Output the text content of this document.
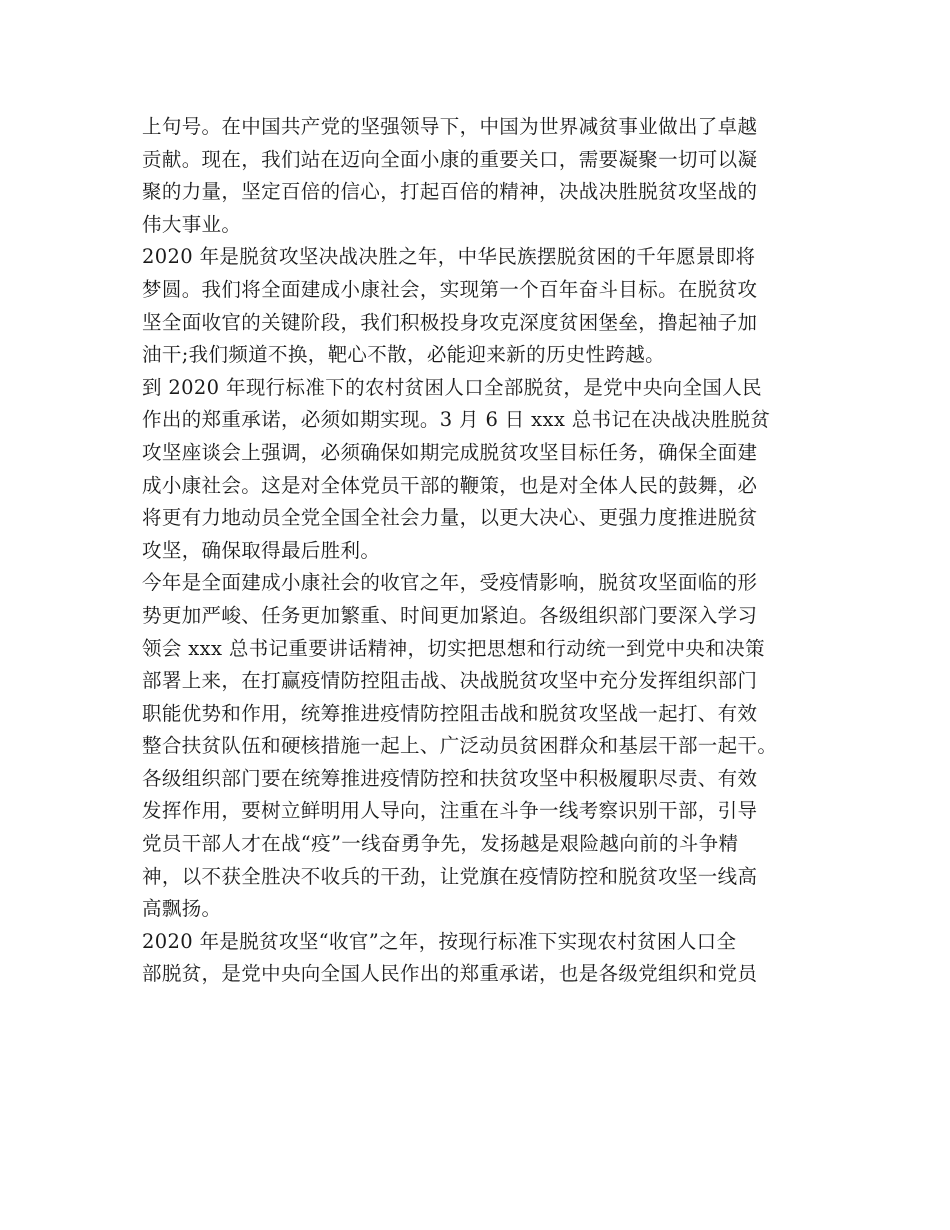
上句号。在中国共产党的坚强领导下，中国为世界减贫事业做出了卓越
贡献。现在，我们站在迈向全面小康的重要关口，需要凝聚一切可以凝
聚的力量，坚定百倍的信心，打起百倍的精神，决战决胜脱贫攻坚战的
伟大事业。
2020 年是脱贫攻坚决战决胜之年，中华民族摆脱贫困的千年愿景即将
梦圆。我们将全面建成小康社会，实现第一个百年奋斗目标。在脱贫攻
坚全面收官的关键阶段，我们积极投身攻克深度贫困堡垒，撸起袖子加
油干;我们频道不换，靶心不散，必能迎来新的历史性跨越。
到 2020 年现行标准下的农村贫困人口全部脱贫，是党中央向全国人民
作出的郑重承诺，必须如期实现。3 月 6 日 xxx 总书记在决战决胜脱贫
攻坚座谈会上强调，必须确保如期完成脱贫攻坚目标任务，确保全面建
成小康社会。这是对全体党员干部的鞭策，也是对全体人民的鼓舞，必
将更有力地动员全党全国全社会力量，以更大决心、更强力度推进脱贫
攻坚，确保取得最后胜利。
今年是全面建成小康社会的收官之年，受疫情影响，脱贫攻坚面临的形
势更加严峻、任务更加繁重、时间更加紧迫。各级组织部门要深入学习
领会 xxx 总书记重要讲话精神，切实把思想和行动统一到党中央和决策
部署上来，在打赢疫情防控阻击战、决战脱贫攻坚中充分发挥组织部门
职能优势和作用，统筹推进疫情防控阻击战和脱贫攻坚战一起打、有效
整合扶贫队伍和硬核措施一起上、广泛动员贫困群众和基层干部一起干。
各级组织部门要在统筹推进疫情防控和扶贫攻坚中积极履职尽责、有效
发挥作用，要树立鲜明用人导向，注重在斗争一线考察识别干部，引导
党员干部人才在战“疫”一线奋勇争先，发扬越是艰险越向前的斗争精
神，以不获全胜决不收兵的干劲，让党旗在疫情防控和脱贫攻坚一线高
高飘扬。
2020 年是脱贫攻坚“收官”之年，按现行标准下实现农村贫困人口全
部脱贫，是党中央向全国人民作出的郑重承诺，也是各级党组织和党员
